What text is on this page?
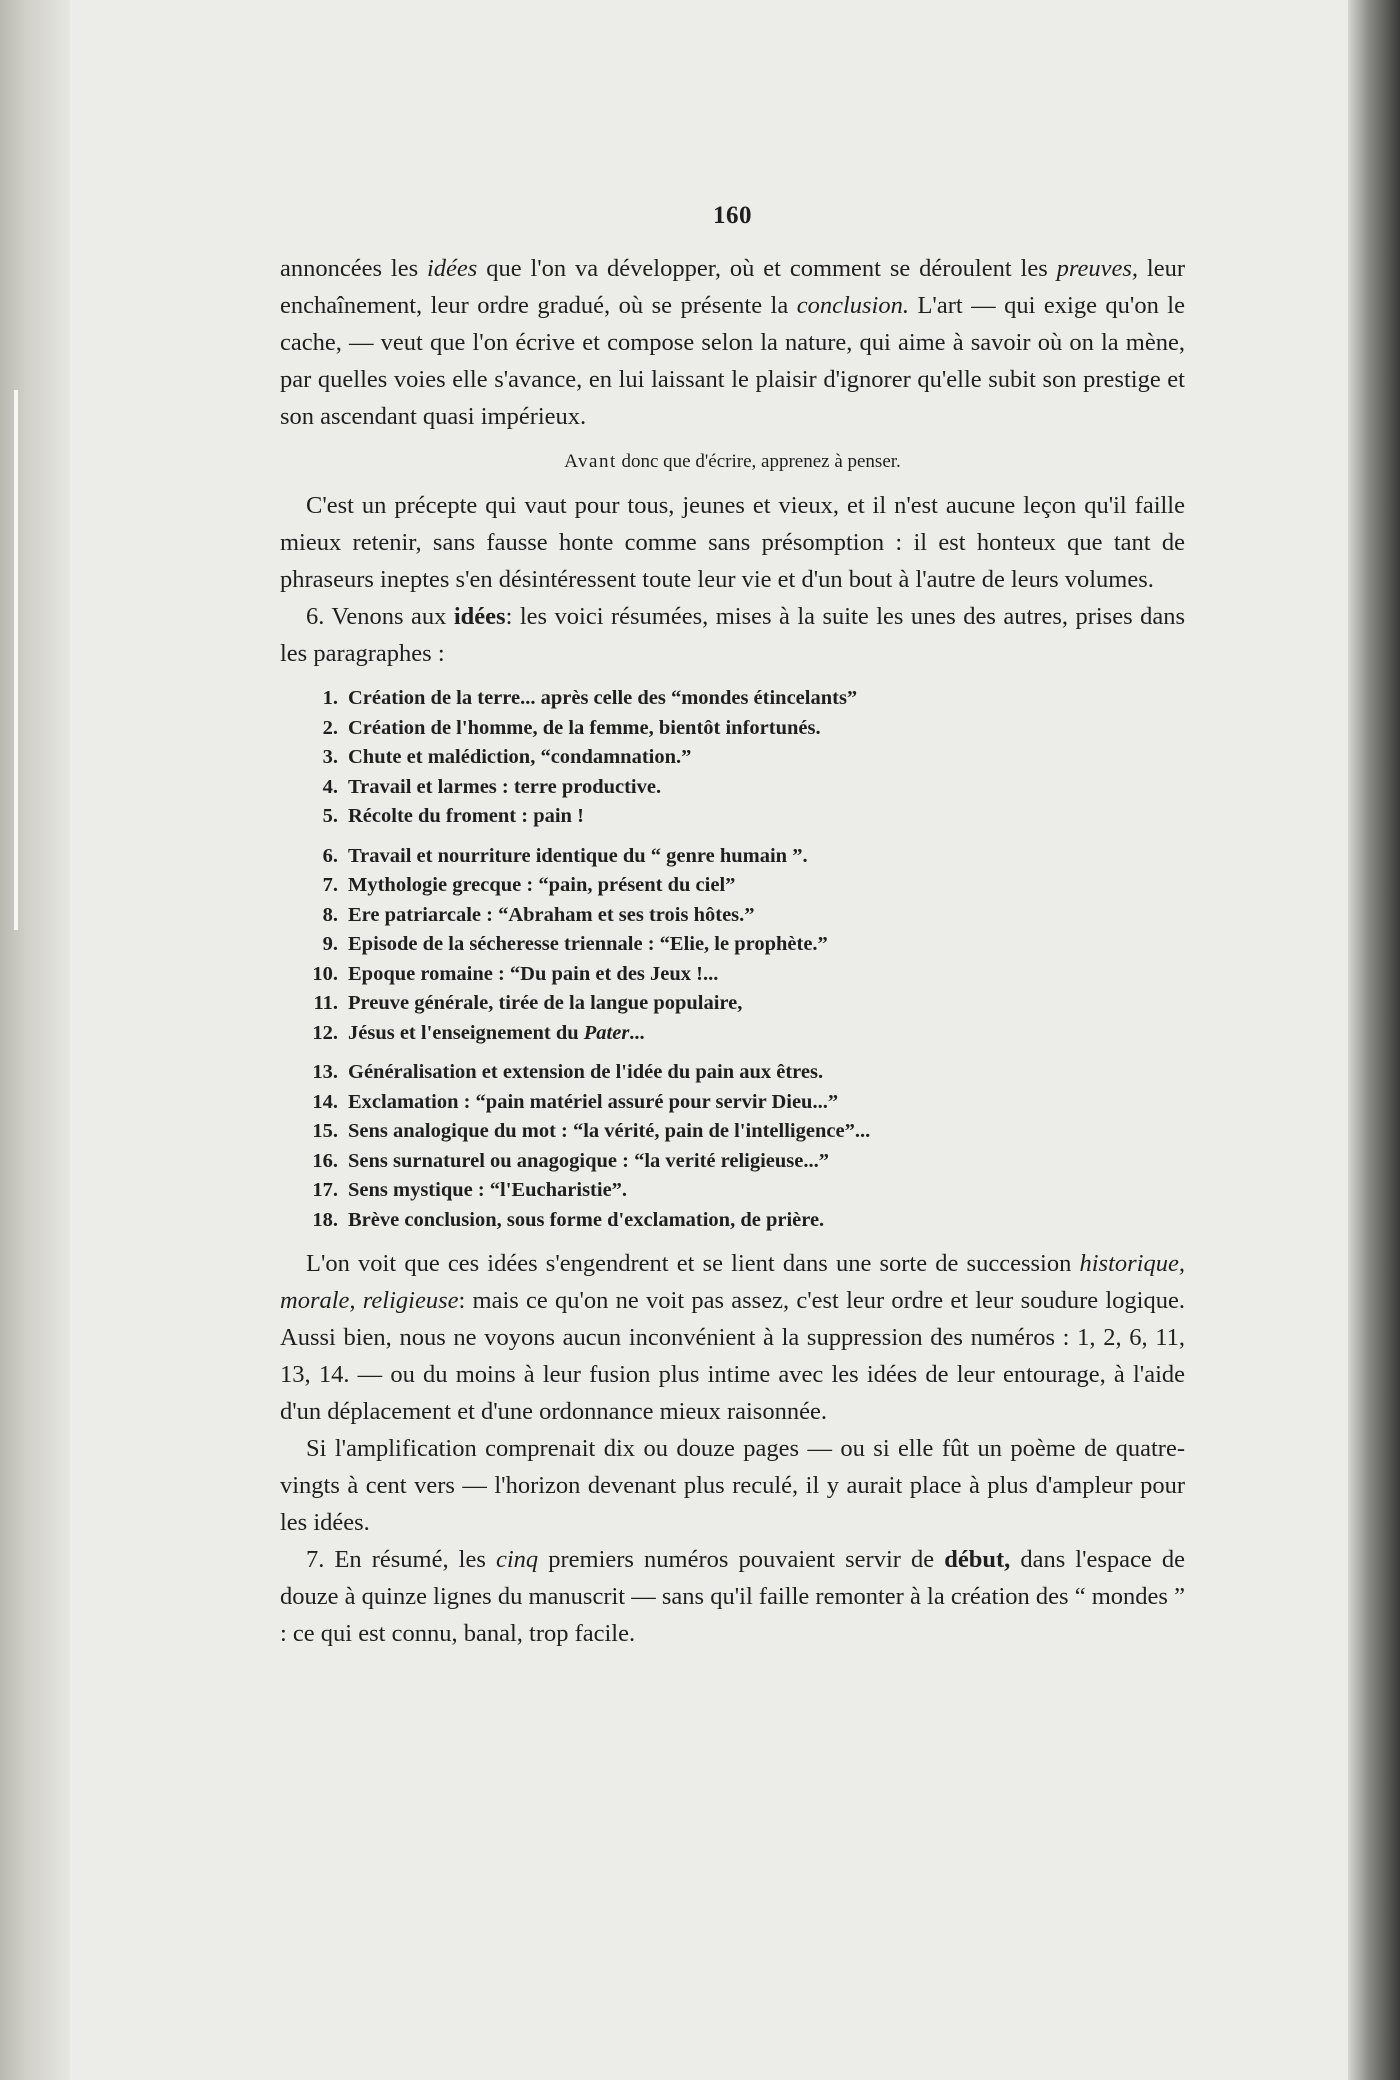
160

annoncées les idées que l'on va développer, où et comment se déroulent les preuves, leur enchaînement, leur ordre gradué, où se présente la conclusion. L'art — qui exige qu'on le cache, — veut que l'on écrive et compose selon la nature, qui aime à savoir où on la mène, par quelles voies elle s'avance, en lui laissant le plaisir d'ignorer qu'elle subit son prestige et son ascendant quasi impérieux.

Avant donc que d'écrire, apprenez à penser.

C'est un précepte qui vaut pour tous, jeunes et vieux, et il n'est aucune leçon qu'il faille mieux retenir, sans fausse honte comme sans présomption : il est honteux que tant de phraseurs ineptes s'en désintéressent toute leur vie et d'un bout à l'autre de leurs volumes.

6. Venons aux idées: les voici résumées, mises à la suite les unes des autres, prises dans les paragraphes :

1. Création de la terre... après celle des “mondes étincelants”
2. Création de l'homme, de la femme, bientôt infortunés.
3. Chute et malédiction, “condamnation.”
4. Travail et larmes : terre productive.
5. Récolte du froment : pain !
6. Travail et nourriture identique du “ genre humain ”.
7. Mythologie grecque : “pain, présent du ciel”
8. Ere patriarcale : “Abraham et ses trois hôtes.”
9. Episode de la sécheresse triennale : “Elie, le prophète.”
10. Epoque romaine : “Du pain et des Jeux !...
11. Preuve générale, tirée de la langue populaire,
12. Jésus et l'enseignement du Pater...
13. Généralisation et extension de l'idée du pain aux êtres.
14. Exclamation : “pain matériel assuré pour servir Dieu...”
15. Sens analogique du mot : “la vérité, pain de l'intelligence”...
16. Sens surnaturel ou anagogique : “la verité religieuse...”
17. Sens mystique : “l'Eucharistie”.
18. Brève conclusion, sous forme d'exclamation, de prière.

L'on voit que ces idées s'engendrent et se lient dans une sorte de succession historique, morale, religieuse: mais ce qu'on ne voit pas assez, c'est leur ordre et leur soudure logique. Aussi bien, nous ne voyons aucun inconvénient à la suppression des numéros : 1, 2, 6, 11, 13, 14. — ou du moins à leur fusion plus intime avec les idées de leur entourage, à l'aide d'un déplacement et d'une ordonnance mieux raisonnée.

Si l'amplification comprenait dix ou douze pages — ou si elle fût un poème de quatre-vingts à cent vers — l'horizon devenant plus reculé, il y aurait place à plus d'ampleur pour les idées.

7. En résumé, les cinq premiers numéros pouvaient servir de début, dans l'espace de douze à quinze lignes du manuscrit — sans qu'il faille remonter à la création des “ mondes ” : ce qui est connu, banal, trop facile.
